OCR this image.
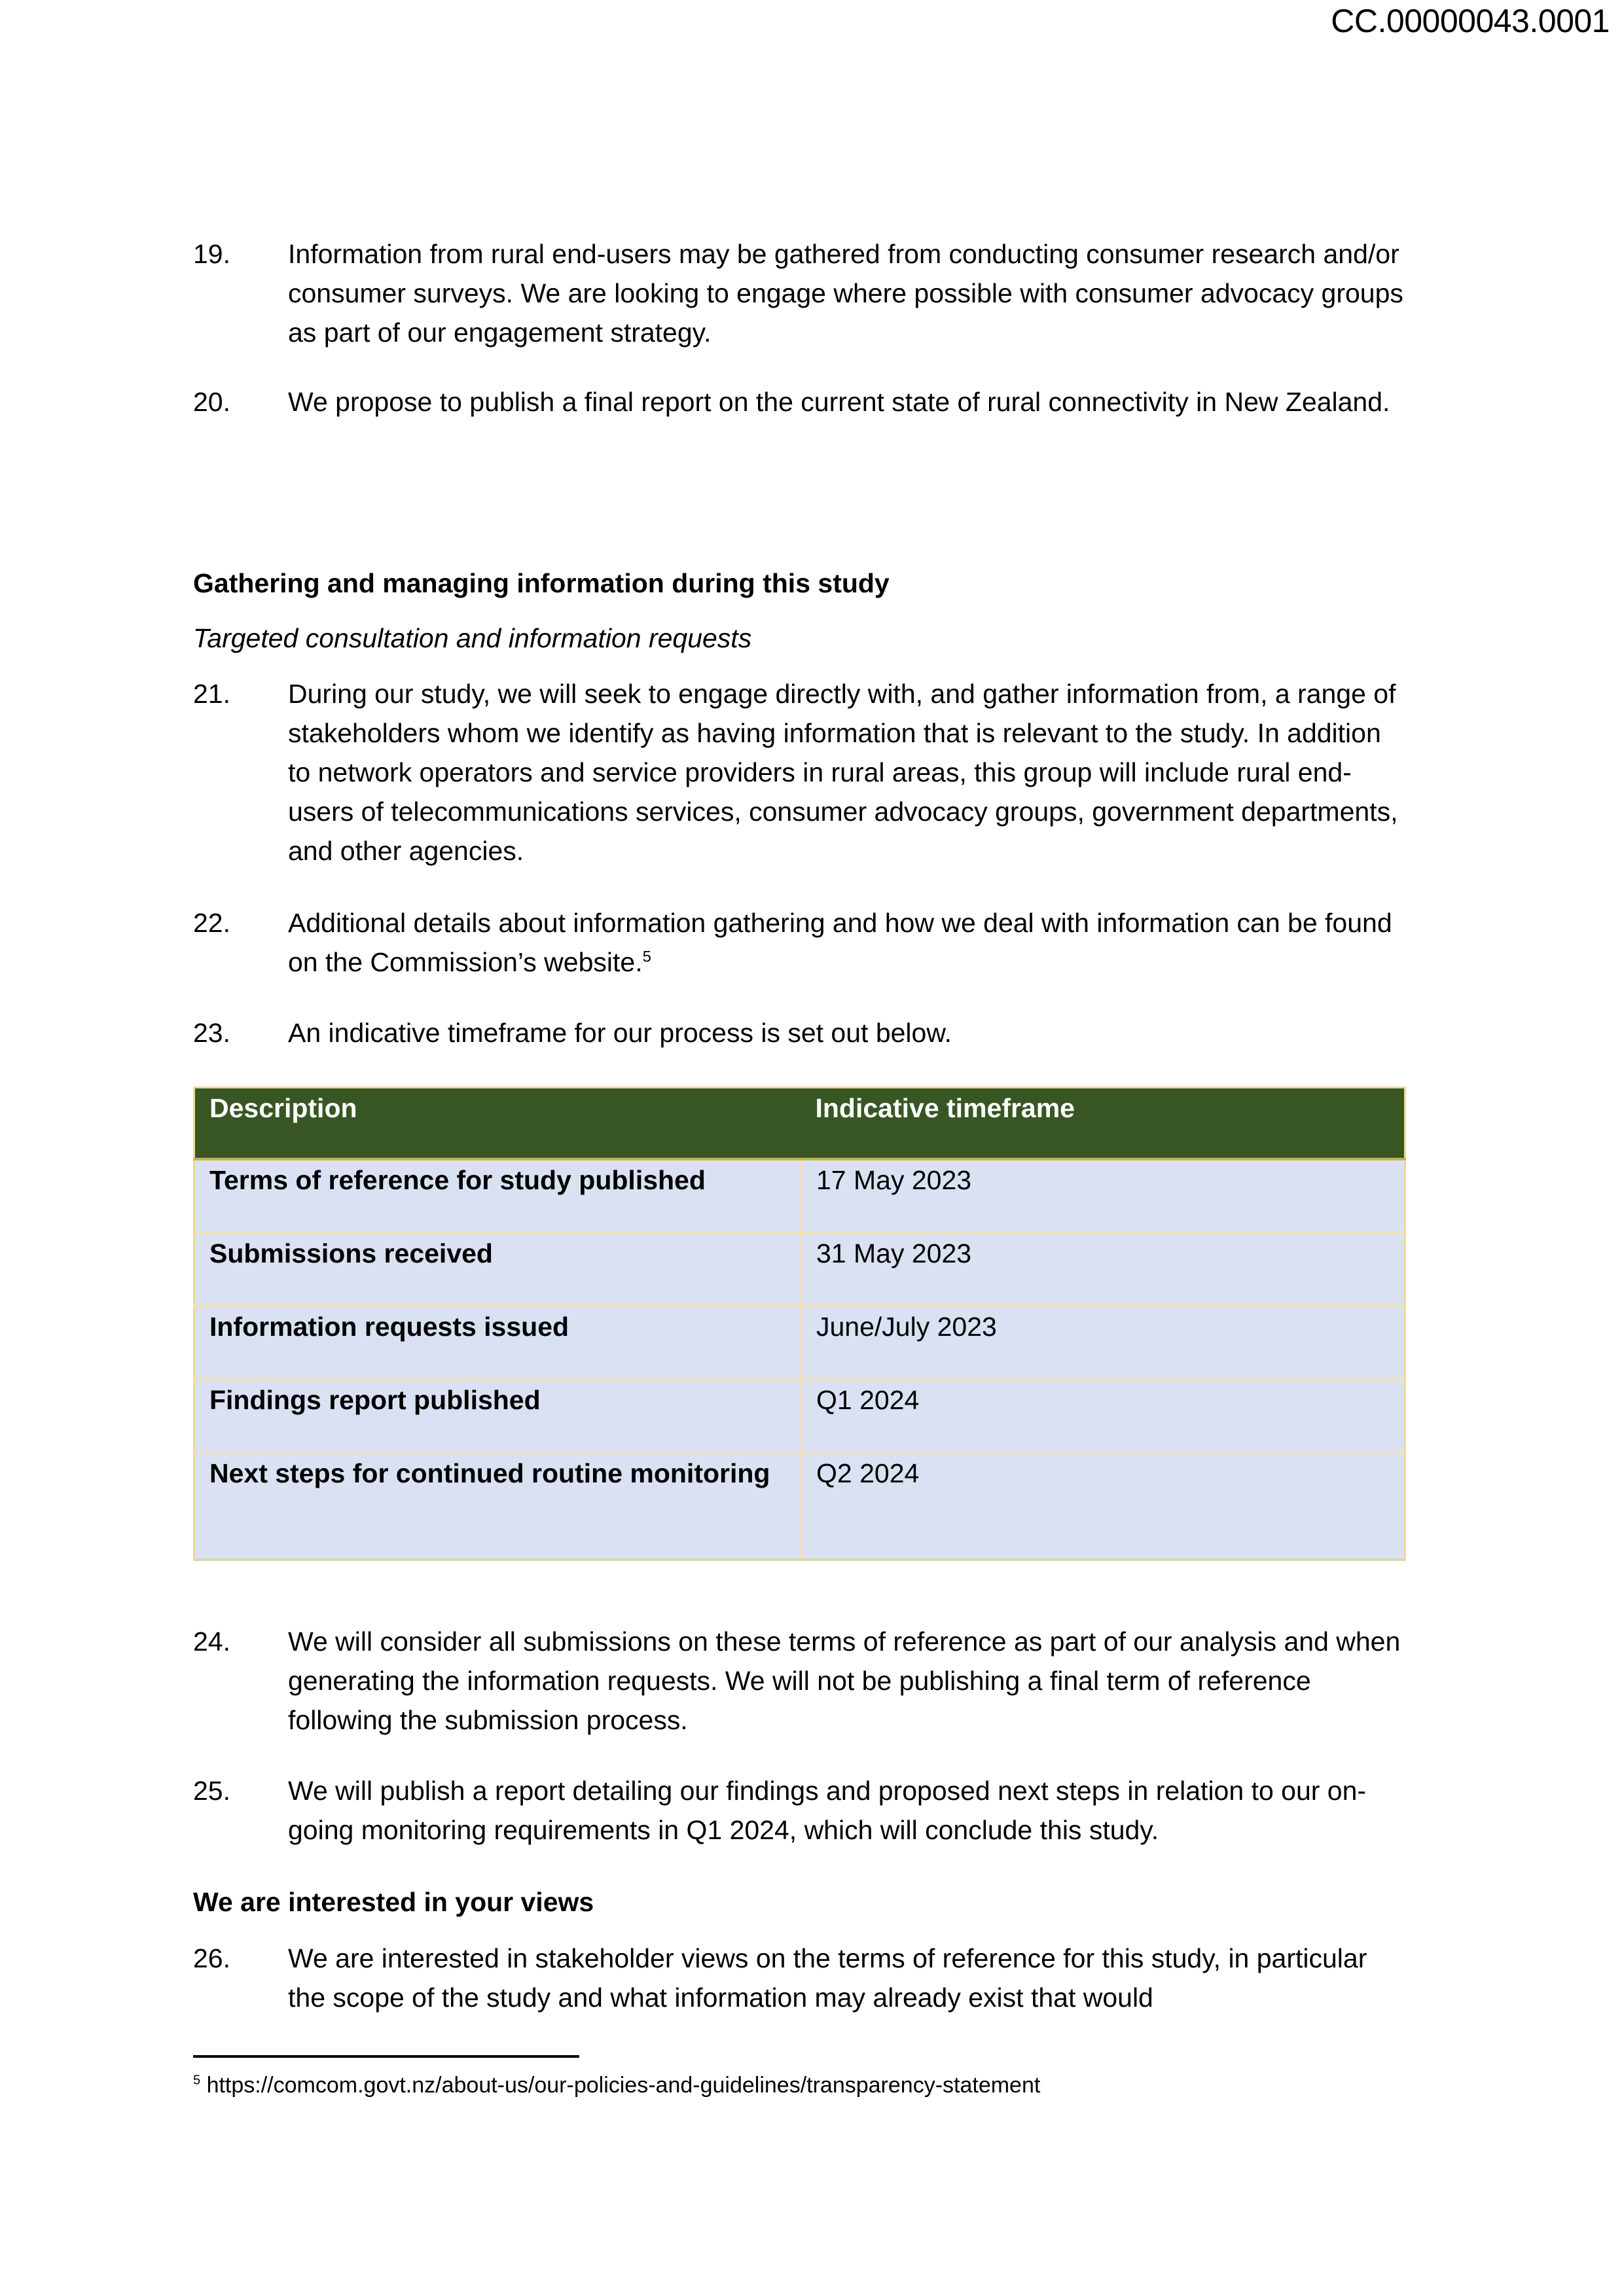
CC.00000043.0001
19.	Information from rural end-users may be gathered from conducting consumer research and/or consumer surveys. We are looking to engage where possible with consumer advocacy groups as part of our engagement strategy.
20.	We propose to publish a final report on the current state of rural connectivity in New Zealand.
Gathering and managing information during this study
Targeted consultation and information requests
21.	During our study, we will seek to engage directly with, and gather information from, a range of stakeholders whom we identify as having information that is relevant to the study. In addition to network operators and service providers in rural areas, this group will include rural end-users of telecommunications services, consumer advocacy groups, government departments, and other agencies.
22.	Additional details about information gathering and how we deal with information can be found on the Commission’s website.$^5$
23.	An indicative timeframe for our process is set out below.
Description	Indicative timeframe
Terms of reference for study published	17 May 2023
Submissions received	31 May 2023
Information requests issued	June/July 2023
Findings report published	Q1 2024
Next steps for continued routine monitoring	Q2 2024
24.	We will consider all submissions on these terms of reference as part of our analysis and when generating the information requests. We will not be publishing a final term of reference following the submission process.
25.	We will publish a report detailing our findings and proposed next steps in relation to our on-going monitoring requirements in Q1 2024, which will conclude this study.
We are interested in your views
26.	We are interested in stakeholder views on the terms of reference for this study, in particular the scope of the study and what information may already exist that would
$^5$ https://comcom.govt.nz/about-us/our-policies-and-guidelines/transparency-statement
